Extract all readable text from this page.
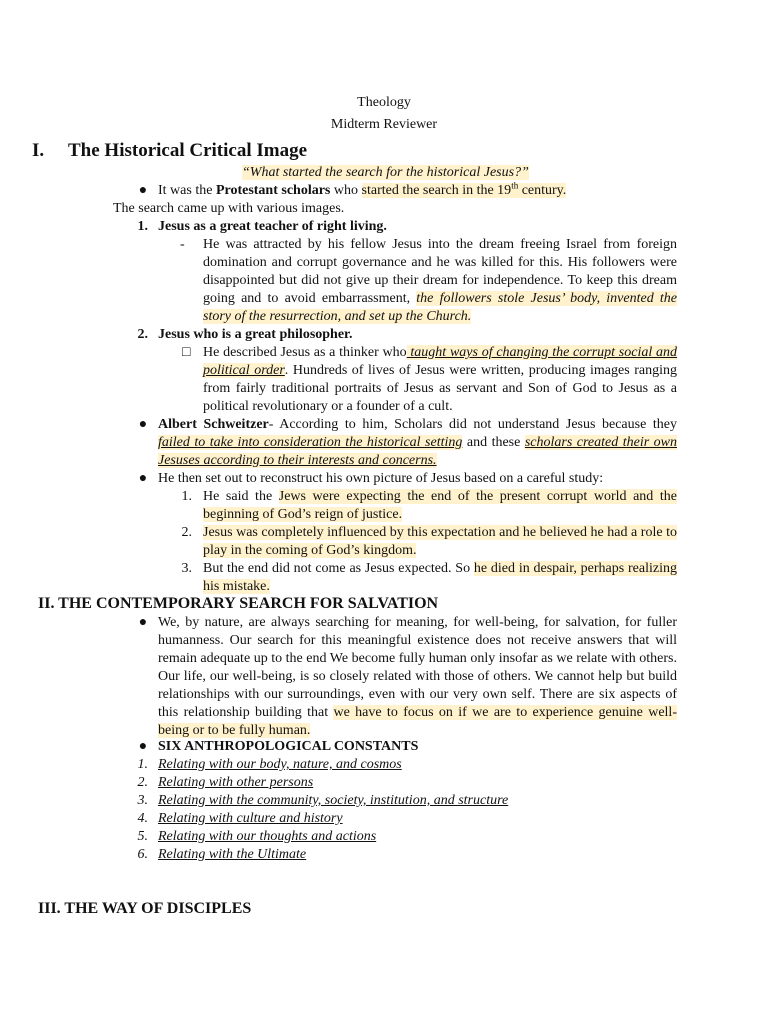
Theology
Midterm Reviewer
I. The Historical Critical Image
“What started the search for the historical Jesus?”
● It was the Protestant scholars who started the search in the 19th century.
The search came up with various images.
1. Jesus as a great teacher of right living.
- He was attracted by his fellow Jesus into the dream freeing Israel from foreign domination and corrupt governance and he was killed for this. His followers were disappointed but did not give up their dream for independence. To keep this dream going and to avoid embarrassment, the followers stole Jesus’ body, invented the story of the resurrection, and set up the Church.
2. Jesus who is a great philosopher.
□ He described Jesus as a thinker who taught ways of changing the corrupt social and political order. Hundreds of lives of Jesus were written, producing images ranging from fairly traditional portraits of Jesus as servant and Son of God to Jesus as a political revolutionary or a founder of a cult.
● Albert Schweitzer- According to him, Scholars did not understand Jesus because they failed to take into consideration the historical setting and these scholars created their own Jesuses according to their interests and concerns.
● He then set out to reconstruct his own picture of Jesus based on a careful study:
1. He said the Jews were expecting the end of the present corrupt world and the beginning of God’s reign of justice.
2. Jesus was completely influenced by this expectation and he believed he had a role to play in the coming of God’s kingdom.
3. But the end did not come as Jesus expected. So he died in despair, perhaps realizing his mistake.
II. THE CONTEMPORARY SEARCH FOR SALVATION
● We, by nature, are always searching for meaning, for well-being, for salvation, for fuller humanness. Our search for this meaningful existence does not receive answers that will remain adequate up to the end We become fully human only insofar as we relate with others. Our life, our well-being, is so closely related with those of others. We cannot help but build relationships with our surroundings, even with our very own self. There are six aspects of this relationship building that we have to focus on if we are to experience genuine well-being or to be fully human.
● SIX ANTHROPOLOGICAL CONSTANTS
1. Relating with our body, nature, and cosmos
2. Relating with other persons
3. Relating with the community, society, institution, and structure
4. Relating with culture and history
5. Relating with our thoughts and actions
6. Relating with the Ultimate
III. THE WAY OF DISCIPLES
